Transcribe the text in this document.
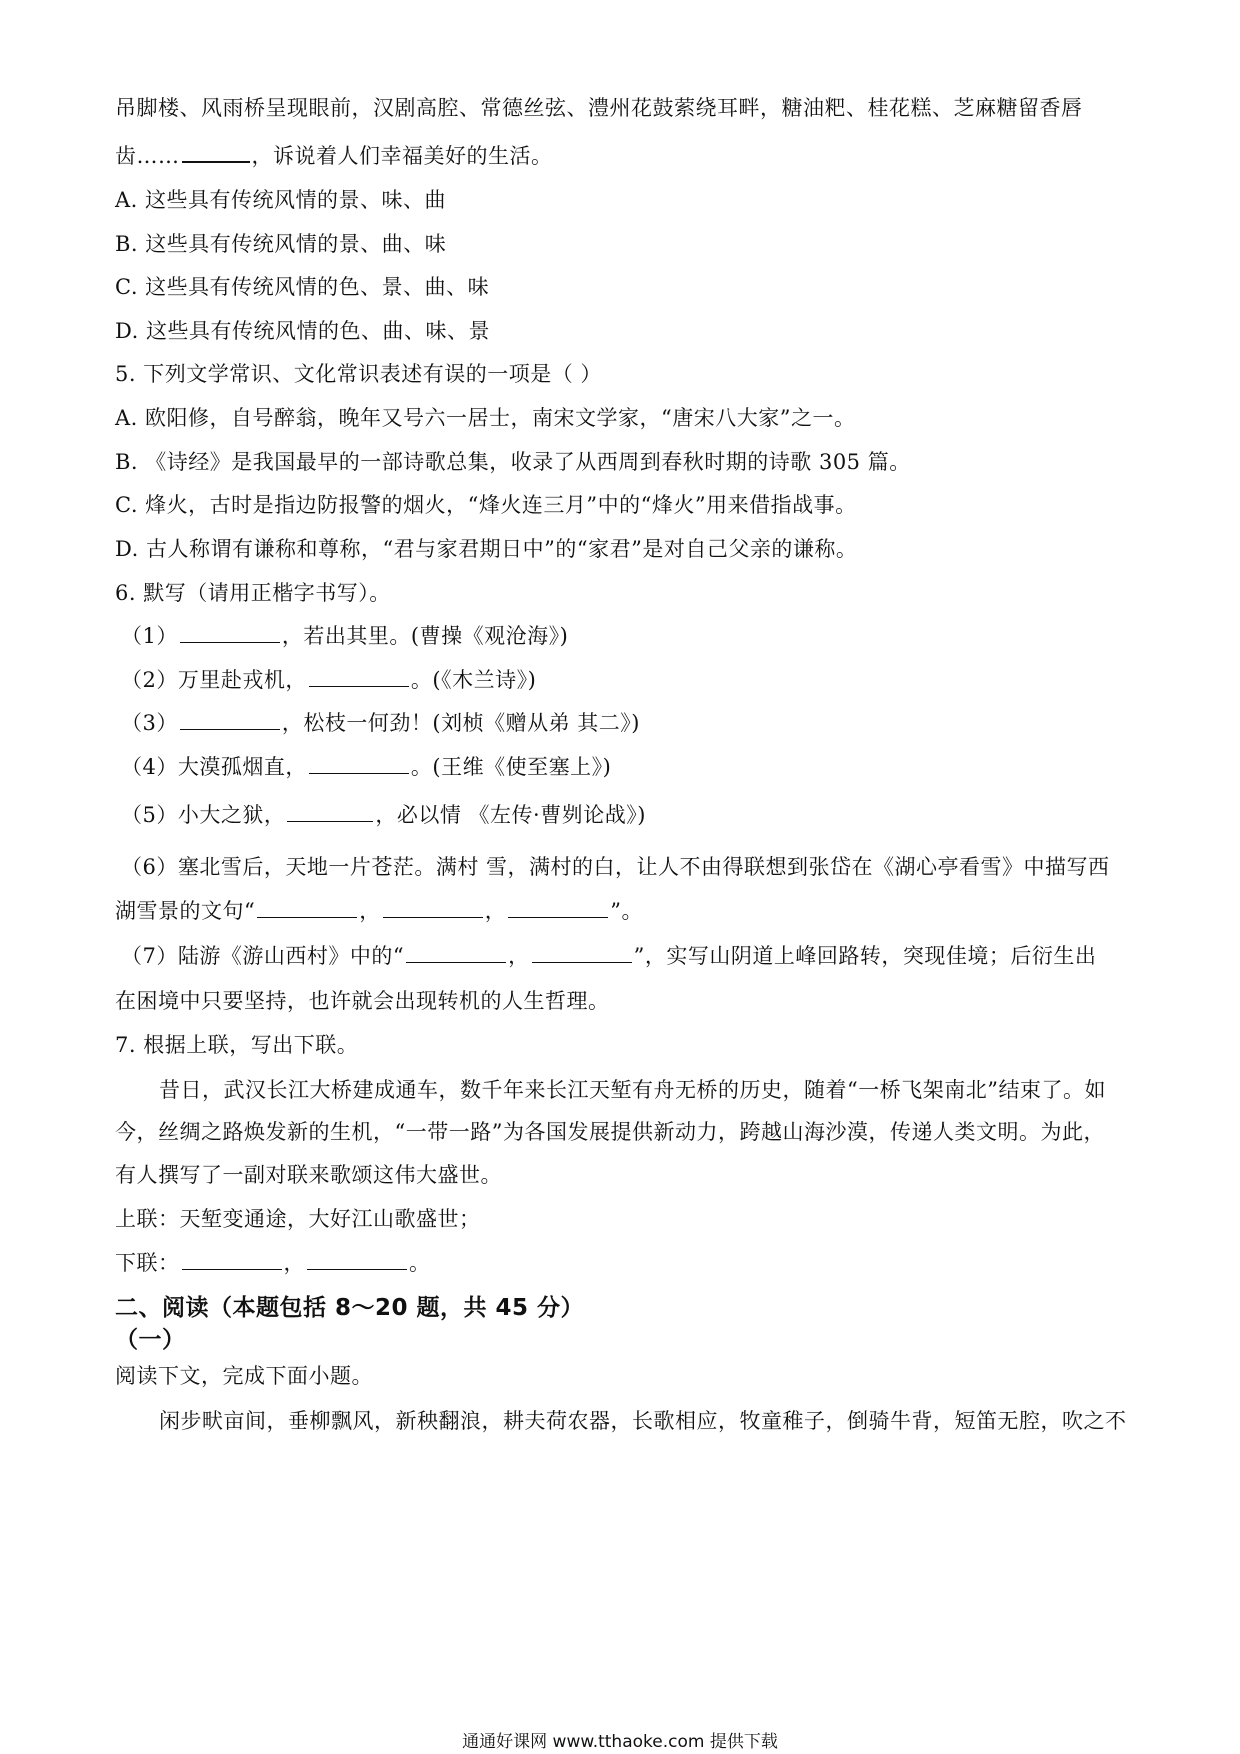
吊脚楼、风雨桥呈现眼前，汉剧高腔、常德丝弦、澧州花鼓萦绕耳畔，糖油粑、桂花糕、芝麻糖留香唇
齿……	，诉说着人们幸福美好的生活。
A. 这些具有传统风情的景、味、曲
B. 这些具有传统风情的景、曲、味
C. 这些具有传统风情的色、景、曲、味
D. 这些具有传统风情的色、曲、味、景
5. 下列文学常识、文化常识表述有误的一项是（ ）
A. 欧阳修，自号醉翁，晚年又号六一居士，南宋文学家，“唐宋八大家”之一。
B. 《诗经》是我国最早的一部诗歌总集，收录了从西周到春秋时期的诗歌 305 篇。
C. 烽火，古时是指边防报警的烟火，“烽火连三月”中的“烽火”用来借指战事。
D. 古人称谓有谦称和尊称，“君与家君期日中”的“家君”是对自己父亲的谦称。
6. 默写（请用正楷字书写）。
（1）	，若出其里。(曹操《观沧海》)
（2）万里赴戎机，	。(《木兰诗》)
（3）	，松枝一何劲！(刘桢《赠从弟 其二》)
（4）大漠孤烟直，	。(王维《使至塞上》)
（5）小大之狱，	，必以情 《左传·曹刿论战》)
（6）塞北雪后，天地一片苍茫。满村 雪，满村的白，让人不由得联想到张岱在《湖心亭看雪》中描写西
湖雪景的文句“	，	，	”。
（7）陆游《游山西村》中的“	，	”，实写山阴道上峰回路转，突现佳境；后衍生出
在困境中只要坚持，也许就会出现转机的人生哲理。
7. 根据上联，写出下联。
昔日，武汉长江大桥建成通车，数千年来长江天堑有舟无桥的历史，随着“一桥飞架南北”结束了。如
今，丝绸之路焕发新的生机，“一带一路”为各国发展提供新动力，跨越山海沙漠，传递人类文明。为此，
有人撰写了一副对联来歌颂这伟大盛世。
上联：天堑变通途，大好江山歌盛世；
下联：	，	。
二、阅读（本题包括 8～20 题，共 45 分）
（一）
阅读下文，完成下面小题。
闲步畎亩间，垂柳飘风，新秧翻浪，耕夫荷农器，长歌相应，牧童稚子，倒骑牛背，短笛无腔，吹之不
通通好课网 www.tthaoke.com 提供下载
